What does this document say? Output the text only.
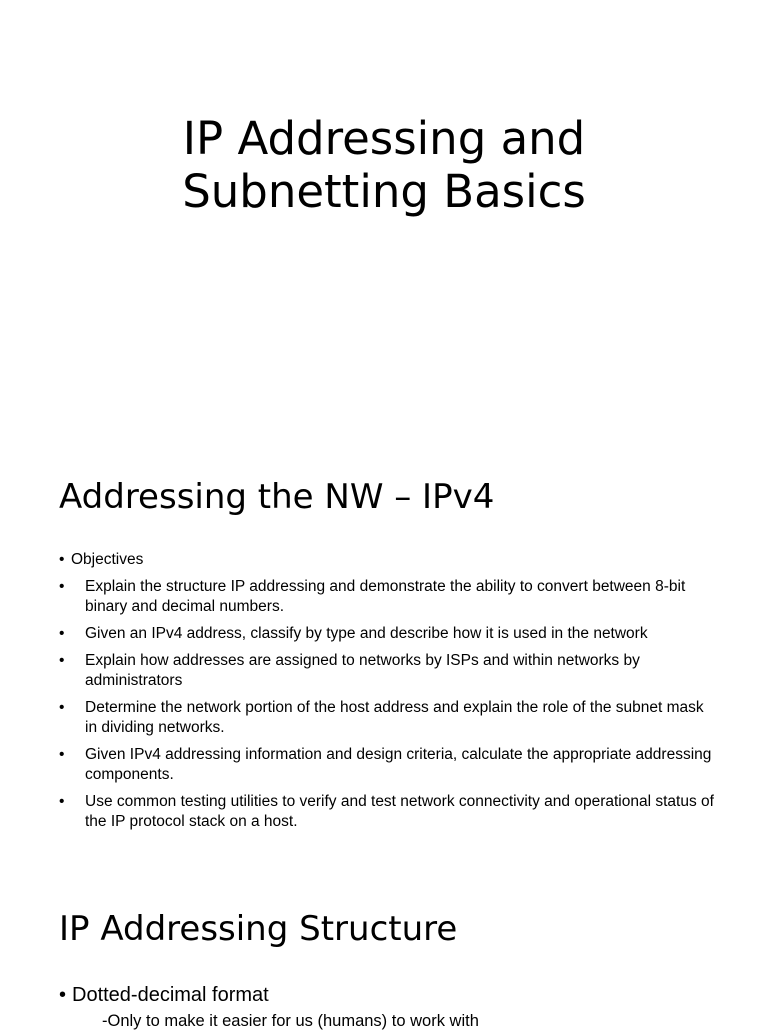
IP Addressing and
Subnetting Basics
Addressing the NW – IPv4
• Objectives
• Explain the structure IP addressing and demonstrate the ability to convert between 8-bit binary and decimal numbers.
• Given an IPv4 address, classify by type and describe how it is used in the network
• Explain how addresses are assigned to networks by ISPs and within networks by administrators
• Determine the network portion of the host address and explain the role of the subnet mask in dividing networks.
• Given IPv4 addressing information and design criteria, calculate the appropriate addressing components.
• Use common testing utilities to verify and test network connectivity and operational status of the IP protocol stack on a host.
IP Addressing Structure
• Dotted-decimal format
-Only to make it easier for us (humans) to work with
